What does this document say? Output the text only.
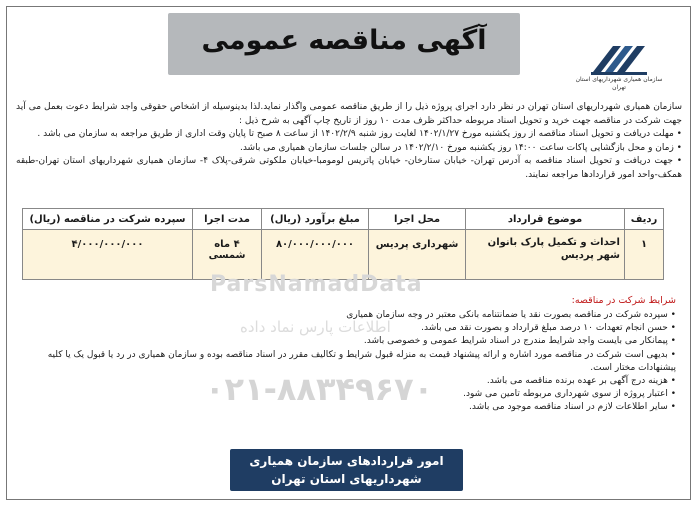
آگهی مناقصه عمومی
سازمان همیاری شهرداریهای استان تهران

سازمان همیاری شهرداریهای استان تهران در نظر دارد اجرای پروژه ذیل را از طریق مناقصه عمومی واگذار نماید.لذا بدینوسیله از اشخاص حقوقی واجد شرایط دعوت بعمل می آید جهت شرکت در مناقصه جهت خرید و تحویل اسناد مربوطه حداکثر ظرف مدت ۱۰ روز از تاریخ چاپ آگهی به شرح ذیل :

• مهلت دریافت و تحویل اسناد مناقصه از روز یکشنبه مورخ ۱۴۰۲/۱/۲۷ لغایت روز شنبه ۱۴۰۲/۲/۹ از ساعت ۸ صبح تا پایان وقت اداری از طریق مراجعه به سازمان می باشد .

• زمان و محل بازگشایی پاکات ساعت ۱۴:۰۰ روز یکشنبه مورخ ۱۴۰۲/۲/۱۰ در سالن جلسات سازمان همیاری می باشد.

• جهت دریافت و تحویل اسناد مناقصه به آدرس تهران- خیابان ستارخان- خیابان پاتریس لومومبا-خیابان ملکوتی شرقی-پلاک ۴- سازمان همیاری شهرداریهای استان تهران-طبقه همکف-واحد امور قراردادها مراجعه نمایند.

ردیف	موضوع قرارداد	محل اجرا	مبلغ برآورد (ریال)	مدت اجرا	سپرده شرکت در مناقصه (ریال)
۱	احداث و تکمیل پارک بانوان شهر پردیس	شهرداری پردیس	۸۰/۰۰۰/۰۰۰/۰۰۰	۴ ماه شمسی	۴/۰۰۰/۰۰۰/۰۰۰
ParsNamadData
اطلاعات پارس نماد داده
۰۲۱-۸۸۳۴۹۶۷۰
شرایط شرکت در مناقصه:
• سپرده شرکت در مناقصه بصورت نقد یا ضمانتنامه بانکی معتبر در وجه سازمان همیاری
• حسن انجام تعهدات ۱۰ درصد مبلغ قرارداد و بصورت نقد می باشد.
• پیمانکار می بایست واجد شرایط مندرج در اسناد شرایط عمومی و خصوصی باشد.
• بدیهی است شرکت در مناقصه مورد اشاره و ارائه پیشنهاد قیمت به منزله قبول شرایط و تکالیف مقرر در اسناد مناقصه بوده و سازمان همیاری در رد یا قبول یک یا کلیه پیشنهادات مختار است.
• هزینه درج آگهی بر عهده برنده مناقصه می باشد.
• اعتبار پروژه از سوی شهرداری مربوطه تامین می شود.
• سایر اطلاعات لازم در اسناد مناقصه موجود می باشد.
امور قراردادهای سازمان همیاری
شهرداریهای استان تهران
